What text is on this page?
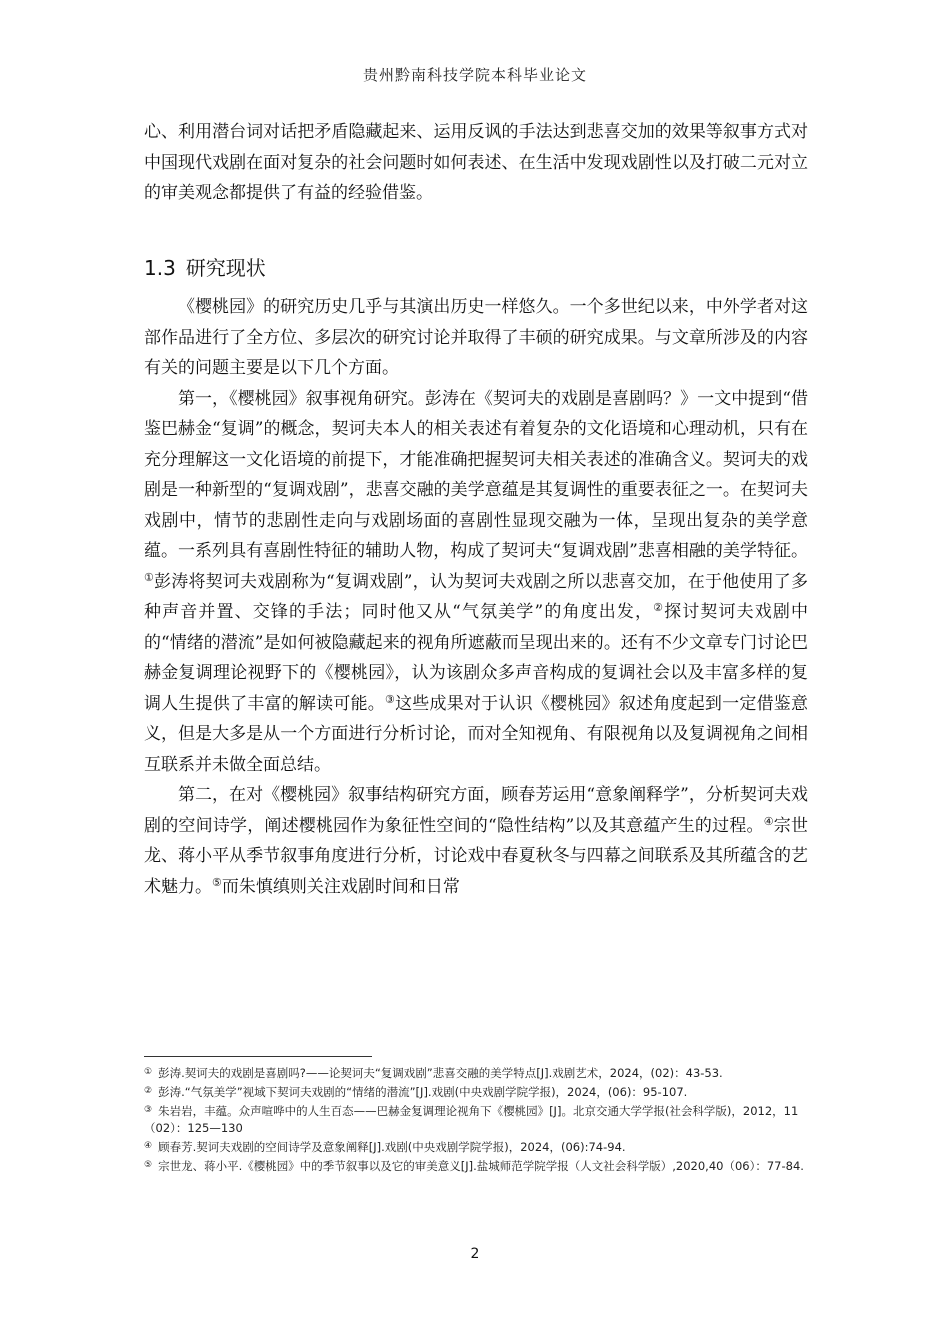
贵州黔南科技学院本科毕业论文

心、利用潜台词对话把矛盾隐藏起来、运用反讽的手法达到悲喜交加的效果等叙事方式对中国现代戏剧在面对复杂的社会问题时如何表述、在生活中发现戏剧性以及打破二元对立的审美观念都提供了有益的经验借鉴。

1.3 研究现状

《樱桃园》的研究历史几乎与其演出历史一样悠久。一个多世纪以来，中外学者对这部作品进行了全方位、多层次的研究讨论并取得了丰硕的研究成果。与文章所涉及的内容有关的问题主要是以下几个方面。

第一，《樱桃园》叙事视角研究。彭涛在《契诃夫的戏剧是喜剧吗？》一文中提到“借鉴巴赫金“复调”的概念，契诃夫本人的相关表述有着复杂的文化语境和心理动机，只有在充分理解这一文化语境的前提下，才能准确把握契诃夫相关表述的准确含义。契诃夫的戏剧是一种新型的“复调戏剧”，悲喜交融的美学意蕴是其复调性的重要表征之一。在契诃夫戏剧中，情节的悲剧性走向与戏剧场面的喜剧性显现交融为一体，呈现出复杂的美学意蕴。一系列具有喜剧性特征的辅助人物，构成了契诃夫“复调戏剧”悲喜相融的美学特征。①彭涛将契诃夫戏剧称为“复调戏剧”，认为契诃夫戏剧之所以悲喜交加，在于他使用了多种声音并置、交锋的手法；同时他又从“气氛美学”的角度出发，②探讨契诃夫戏剧中的“情绪的潜流”是如何被隐藏起来的视角所遮蔽而呈现出来的。还有不少文章专门讨论巴赫金复调理论视野下的《樱桃园》，认为该剧众多声音构成的复调社会以及丰富多样的复调人生提供了丰富的解读可能。③这些成果对于认识《樱桃园》叙述角度起到一定借鉴意义，但是大多是从一个方面进行分析讨论，而对全知视角、有限视角以及复调视角之间相互联系并未做全面总结。

第二，在对《樱桃园》叙事结构研究方面，顾春芳运用“意象阐释学”，分析契诃夫戏剧的空间诗学，阐述樱桃园作为象征性空间的“隐性结构”以及其意蕴产生的过程。④宗世龙、蒋小平从季节叙事角度进行分析，讨论戏中春夏秋冬与四幕之间联系及其所蕴含的艺术魅力。⑤而朱慎缜则关注戏剧时间和日常

① 彭涛.契诃夫的戏剧是喜剧吗?——论契诃夫“复调戏剧”悲喜交融的美学特点[J].戏剧艺术，2024，(02)：43-53.

② 彭涛.“气氛美学”视域下契诃夫戏剧的“情绪的潜流”[J].戏剧(中央戏剧学院学报)，2024，(06)：95-107.

③ 朱岩岩，丰蕴。众声喧哗中的人生百态——巴赫金复调理论视角下《樱桃园》[J]。北京交通大学学报(社会科学版)，2012，11（02）：125—130

④ 顾春芳.契诃夫戏剧的空间诗学及意象阐释[J].戏剧(中央戏剧学院学报)，2024，(06):74-94.

⑤ 宗世龙、蒋小平.《樱桃园》中的季节叙事以及它的审美意义[J].盐城师范学院学报（人文社会科学版）,2020,40（06）：77-84.

2
